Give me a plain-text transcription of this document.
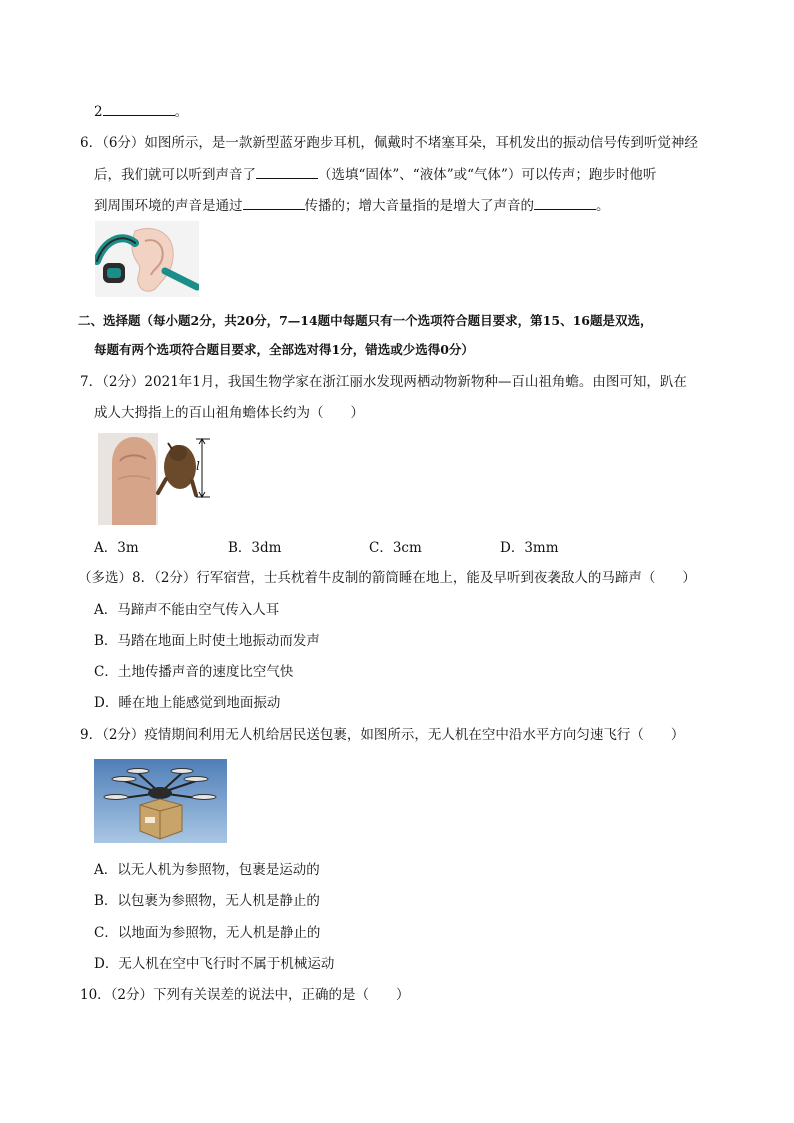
2	。
6．（6分）如图所示，是一款新型蓝牙跑步耳机，佩戴时不堵塞耳朵，耳机发出的振动信号传到听觉神经
后，我们就可以听到声音了	（选填“固体”、“液体”或“气体”）可以传声；跑步时他听
到周围环境的声音是通过	传播的；增大音量指的是增大了声音的	。
二、选择题（每小题2分，共20分，7—14题中每题只有一个选项符合题目要求，第15、16题是双选，
每题有两个选项符合题目要求，全部选对得1分，错选或少选得0分）
7．（2分）2021年1月，我国生物学家在浙江丽水发现两栖动物新物种—百山祖角蟾。由图可知，趴在
成人大拇指上的百山祖角蟾体长约为（　　）
l
A．3m	B．3dm	C．3cm	D．3mm
（多选）8．（2分）行军宿营，士兵枕着牛皮制的箭筒睡在地上，能及早听到夜袭敌人的马蹄声（　　）
A．马蹄声不能由空气传入人耳
B．马踏在地面上时使土地振动而发声
C．土地传播声音的速度比空气快
D．睡在地上能感觉到地面振动
9．（2分）疫情期间利用无人机给居民送包裹，如图所示，无人机在空中沿水平方向匀速飞行（　　）
A．以无人机为参照物，包裹是运动的
B．以包裹为参照物，无人机是静止的
C．以地面为参照物，无人机是静止的
D．无人机在空中飞行时不属于机械运动
10．（2分）下列有关误差的说法中，正确的是（　　）
